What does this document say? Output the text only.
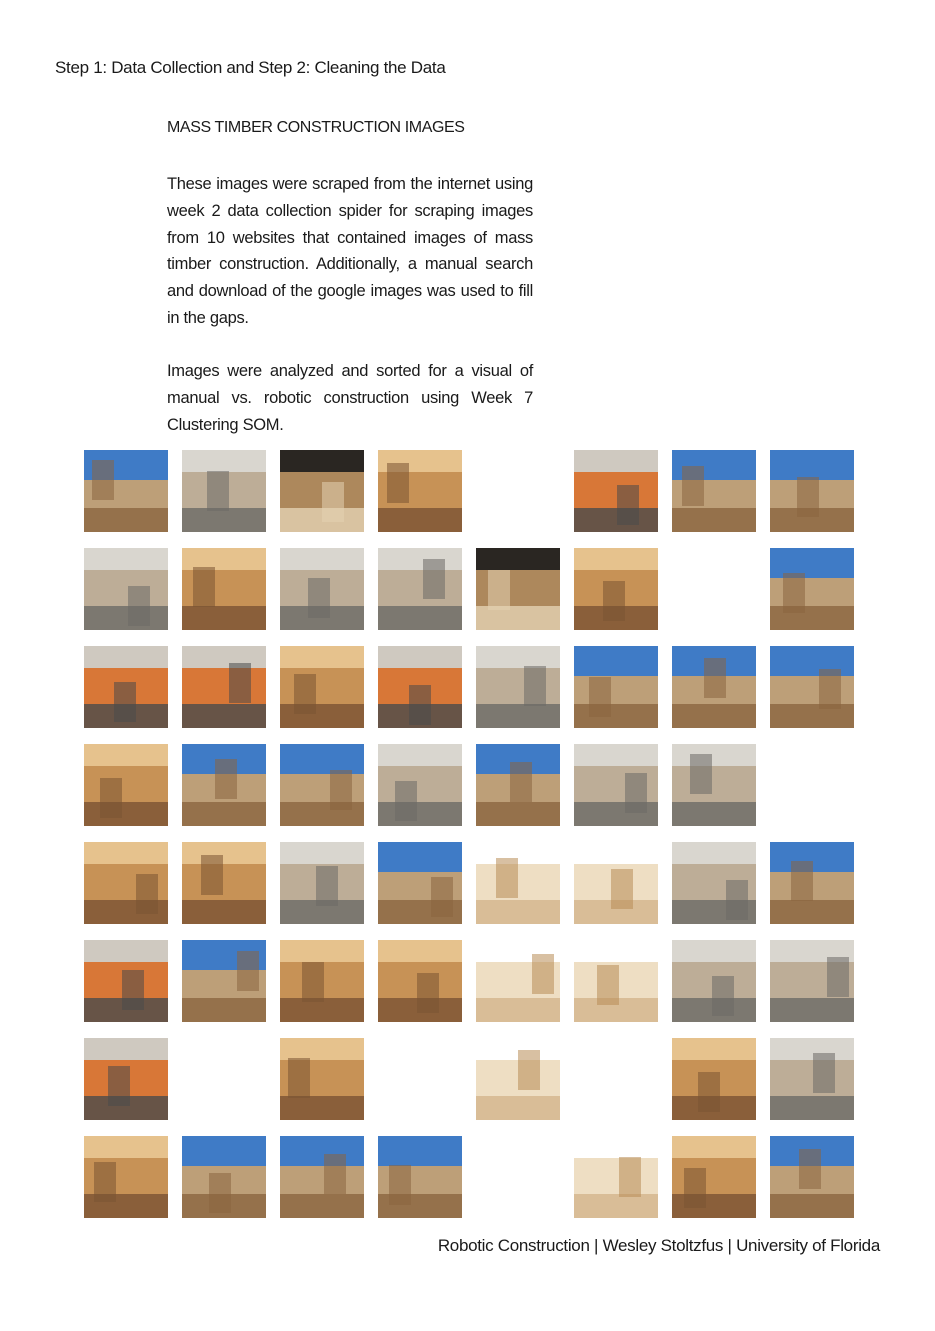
Step 1: Data Collection and Step 2: Cleaning the Data
MASS TIMBER CONSTRUCTION IMAGES

These images were scraped from the internet using week 2 data collection spider for scraping images from 10 websites that contained images of mass timber construction. Additionally, a manual search and download of the google images was used to fill in the gaps.

Images were analyzed and sorted for a visual of manual vs. robotic construction using Week 7 Clustering SOM.

Robotic Construction | Wesley Stoltzfus | University of Florida
